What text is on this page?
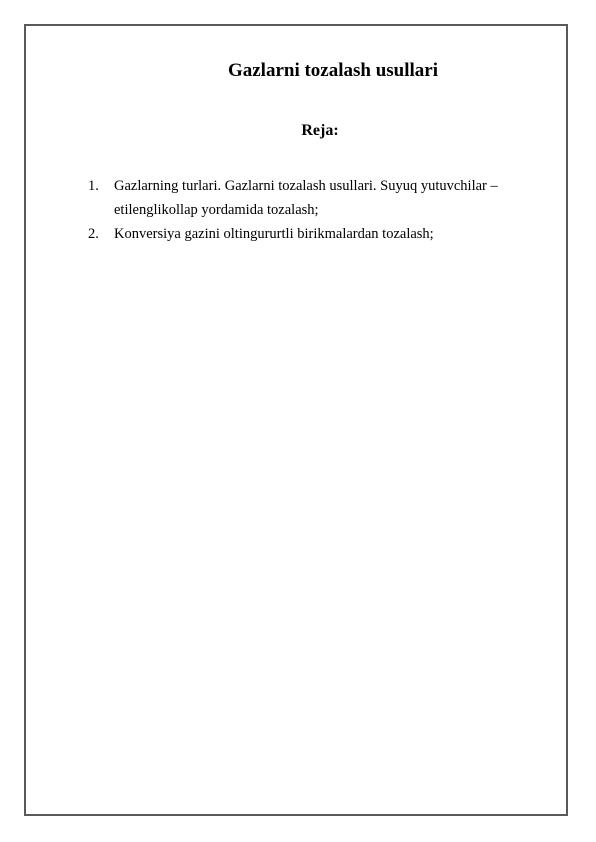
Gazlarni tozalash usullari
Reja:
1. Gazlarning turlari. Gazlarni tozalash usullari. Suyuq yutuvchilar – etilenglikollap yordamida tozalash;
2. Konversiya gazini oltingururtli birikmalardan tozalash;
